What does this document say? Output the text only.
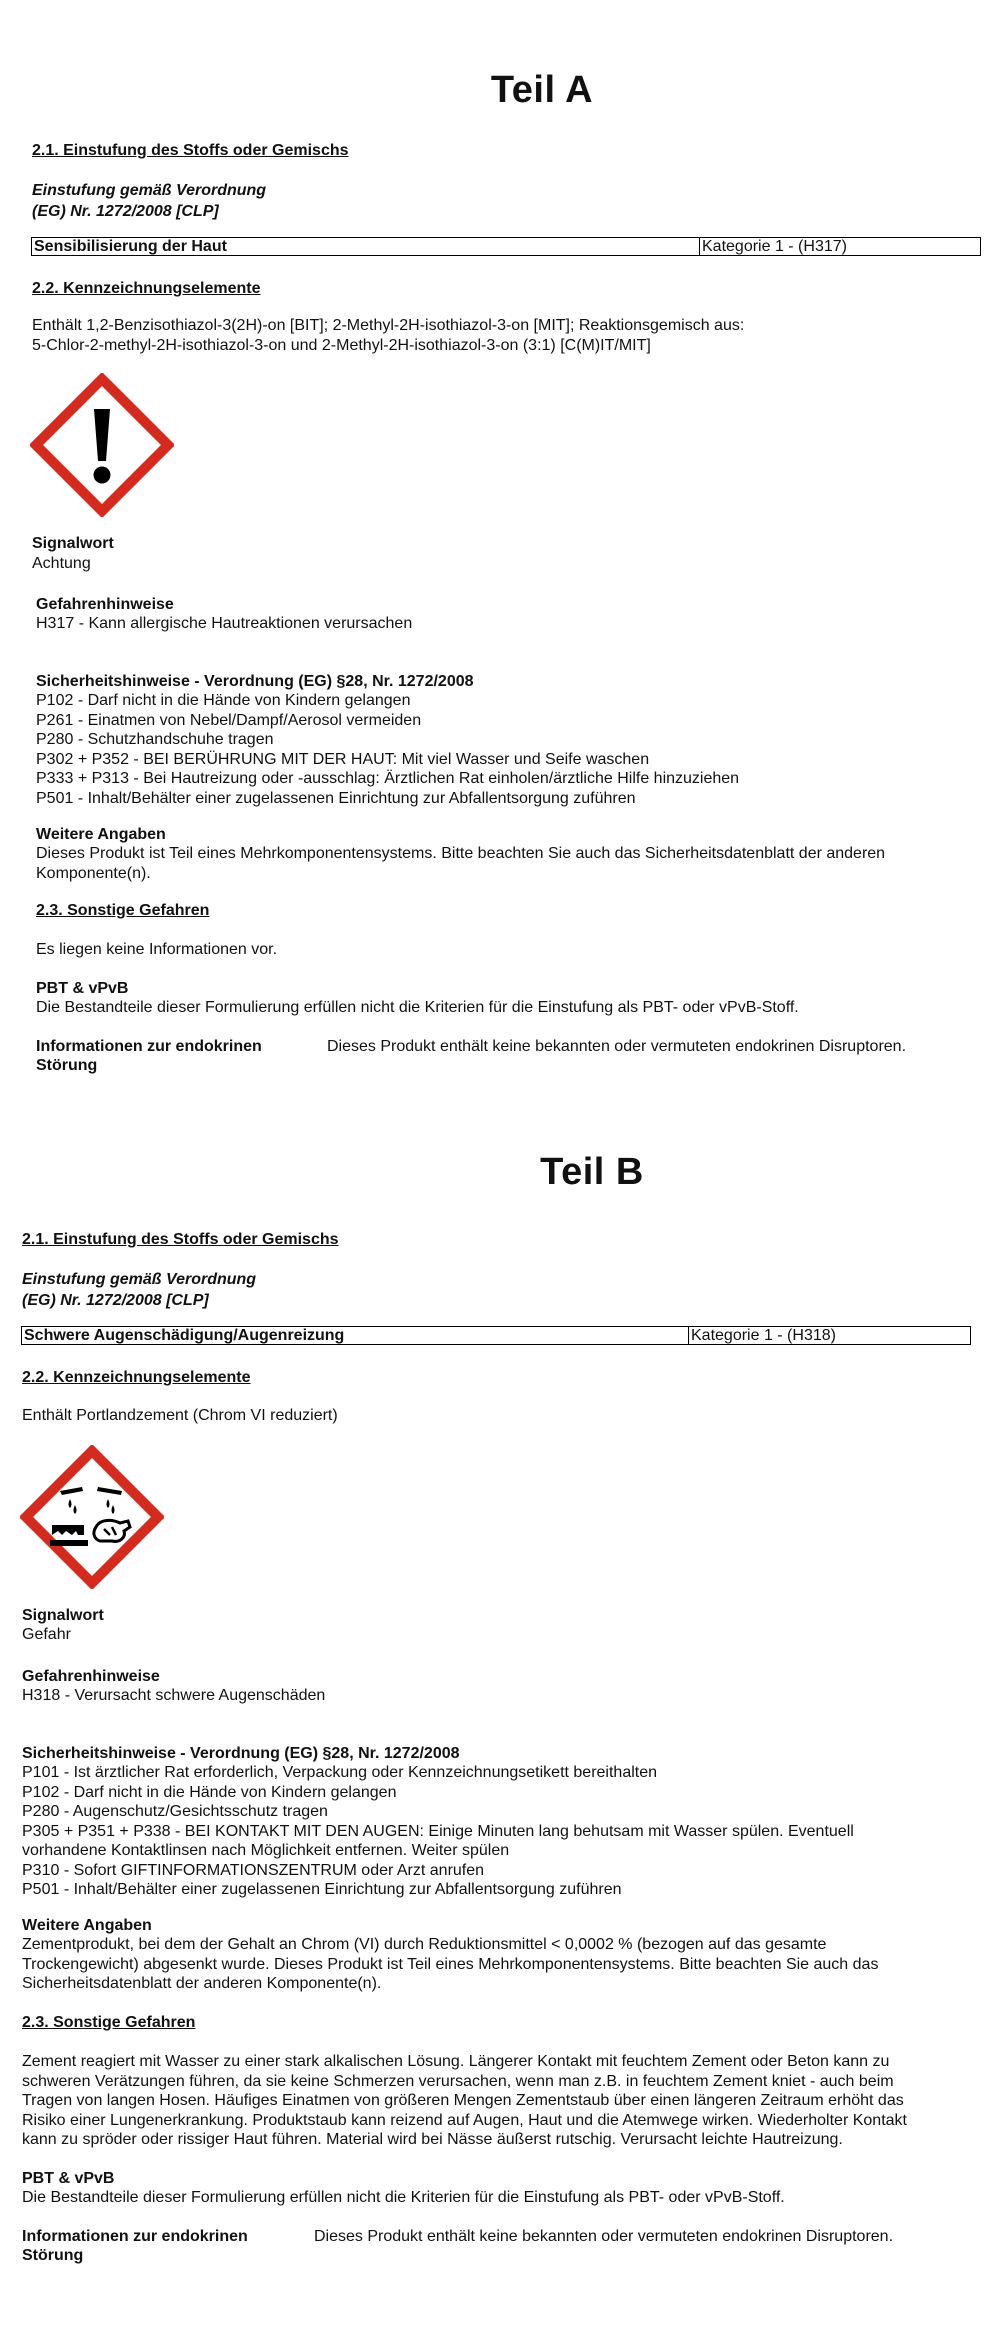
Teil A
2.1. Einstufung des Stoffs oder Gemischs
Einstufung gemäß Verordnung
(EG) Nr. 1272/2008 [CLP]
Sensibilisierung der Haut	Kategorie 1 - (H317)
2.2. Kennzeichnungselemente
Enthält 1,2-Benzisothiazol-3(2H)-on [BIT]; 2-Methyl-2H-isothiazol-3-on [MIT]; Reaktionsgemisch aus:
5-Chlor-2-methyl-2H-isothiazol-3-on und 2-Methyl-2H-isothiazol-3-on (3:1) [C(M)IT/MIT]
Signalwort
Achtung
Gefahrenhinweise
H317 - Kann allergische Hautreaktionen verursachen
Sicherheitshinweise - Verordnung (EG) §28, Nr. 1272/2008
P102 - Darf nicht in die Hände von Kindern gelangen
P261 - Einatmen von Nebel/Dampf/Aerosol vermeiden
P280 - Schutzhandschuhe tragen
P302 + P352 - BEI BERÜHRUNG MIT DER HAUT: Mit viel Wasser und Seife waschen
P333 + P313 - Bei Hautreizung oder -ausschlag: Ärztlichen Rat einholen/ärztliche Hilfe hinzuziehen
P501 - Inhalt/Behälter einer zugelassenen Einrichtung zur Abfallentsorgung zuführen
Weitere Angaben
Dieses Produkt ist Teil eines Mehrkomponentensystems. Bitte beachten Sie auch das Sicherheitsdatenblatt der anderen
Komponente(n).
2.3. Sonstige Gefahren
Es liegen keine Informationen vor.
PBT & vPvB
Die Bestandteile dieser Formulierung erfüllen nicht die Kriterien für die Einstufung als PBT- oder vPvB-Stoff.
Informationen zur endokrinen
Störung
Dieses Produkt enthält keine bekannten oder vermuteten endokrinen Disruptoren.
Teil B
2.1. Einstufung des Stoffs oder Gemischs
Einstufung gemäß Verordnung
(EG) Nr. 1272/2008 [CLP]
Schwere Augenschädigung/Augenreizung	Kategorie 1 - (H318)
2.2. Kennzeichnungselemente
Enthält Portlandzement (Chrom VI reduziert)
Signalwort
Gefahr
Gefahrenhinweise
H318 - Verursacht schwere Augenschäden
Sicherheitshinweise - Verordnung (EG) §28, Nr. 1272/2008
P101 - Ist ärztlicher Rat erforderlich, Verpackung oder Kennzeichnungsetikett bereithalten
P102 - Darf nicht in die Hände von Kindern gelangen
P280 - Augenschutz/Gesichtsschutz tragen
P305 + P351 + P338 - BEI KONTAKT MIT DEN AUGEN: Einige Minuten lang behutsam mit Wasser spülen. Eventuell
vorhandene Kontaktlinsen nach Möglichkeit entfernen. Weiter spülen
P310 - Sofort GIFTINFORMATIONSZENTRUM oder Arzt anrufen
P501 - Inhalt/Behälter einer zugelassenen Einrichtung zur Abfallentsorgung zuführen
Weitere Angaben
Zementprodukt, bei dem der Gehalt an Chrom (VI) durch Reduktionsmittel < 0,0002 % (bezogen auf das gesamte
Trockengewicht) abgesenkt wurde. Dieses Produkt ist Teil eines Mehrkomponentensystems. Bitte beachten Sie auch das
Sicherheitsdatenblatt der anderen Komponente(n).
2.3. Sonstige Gefahren
Zement reagiert mit Wasser zu einer stark alkalischen Lösung. Längerer Kontakt mit feuchtem Zement oder Beton kann zu
schweren Verätzungen führen, da sie keine Schmerzen verursachen, wenn man z.B. in feuchtem Zement kniet - auch beim
Tragen von langen Hosen. Häufiges Einatmen von größeren Mengen Zementstaub über einen längeren Zeitraum erhöht das
Risiko einer Lungenerkrankung. Produktstaub kann reizend auf Augen, Haut und die Atemwege wirken. Wiederholter Kontakt
kann zu spröder oder rissiger Haut führen. Material wird bei Nässe äußerst rutschig. Verursacht leichte Hautreizung.
PBT & vPvB
Die Bestandteile dieser Formulierung erfüllen nicht die Kriterien für die Einstufung als PBT- oder vPvB-Stoff.
Informationen zur endokrinen
Störung
Dieses Produkt enthält keine bekannten oder vermuteten endokrinen Disruptoren.
